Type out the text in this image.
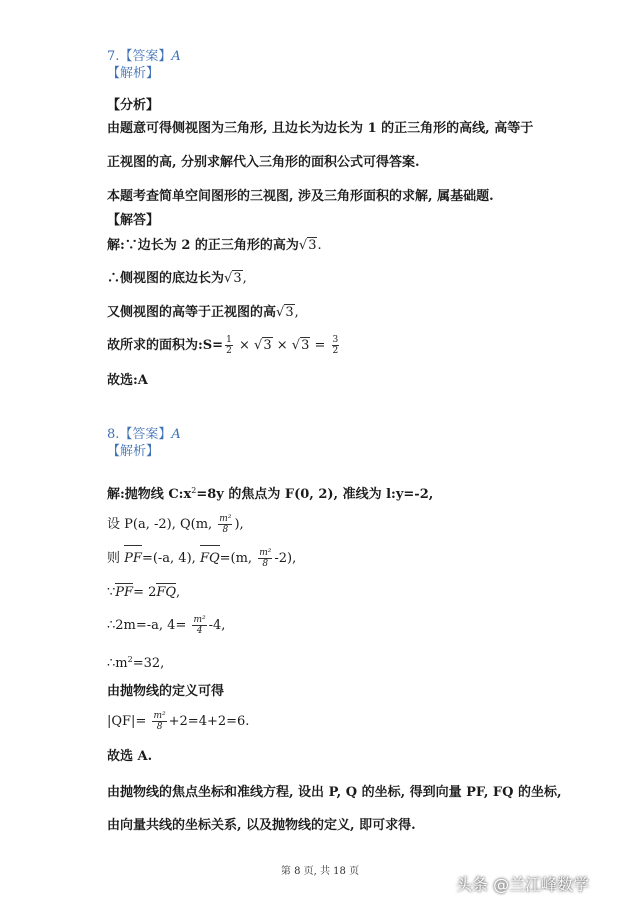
7.【答案】A
【解析】
【分析】
由题意可得侧视图为三角形, 且边长为边长为 1 的正三角形的高线, 高等于
正视图的高, 分别求解代入三角形的面积公式可得答案.
本题考查简单空间图形的三视图, 涉及三角形面积的求解, 属基础题.
【解答】
解:∵边长为 2 的正三角形的高为√3.
∴侧视图的底边长为√3,
又侧视图的高等于正视图的高√3,
故所求的面积为:S= $\frac{1}{2} \times √3 \times √3 = \frac{3}{2}$
故选:A
8.【答案】A
【解析】
解:抛物线 $C:x^2=8y$ 的焦点为 F(0, 2), 准线为 l:y=-2,
设 P(a, -2), Q(m, $\frac{\text{m²}}{8}$ ),
则 PF=(-a, 4), FQ=(m, $\frac{\text{m²}}{8} -2$),
∵PF= 2FQ,
∴2m=-a, $4= \frac{\text{m²}}{4} -4$,
$\therefore m^2=32$,
由抛物线的定义可得
$|QF|= \frac{\text{m²}}{8} +2=4+2=6$.
故选 A.
由抛物线的焦点坐标和准线方程, 设出 P, Q 的坐标, 得到向量 PF, FQ 的坐标,
由向量共线的坐标关系, 以及抛物线的定义, 即可求得.
第 8 页, 共 18 页
头条 @兰江峰数学
